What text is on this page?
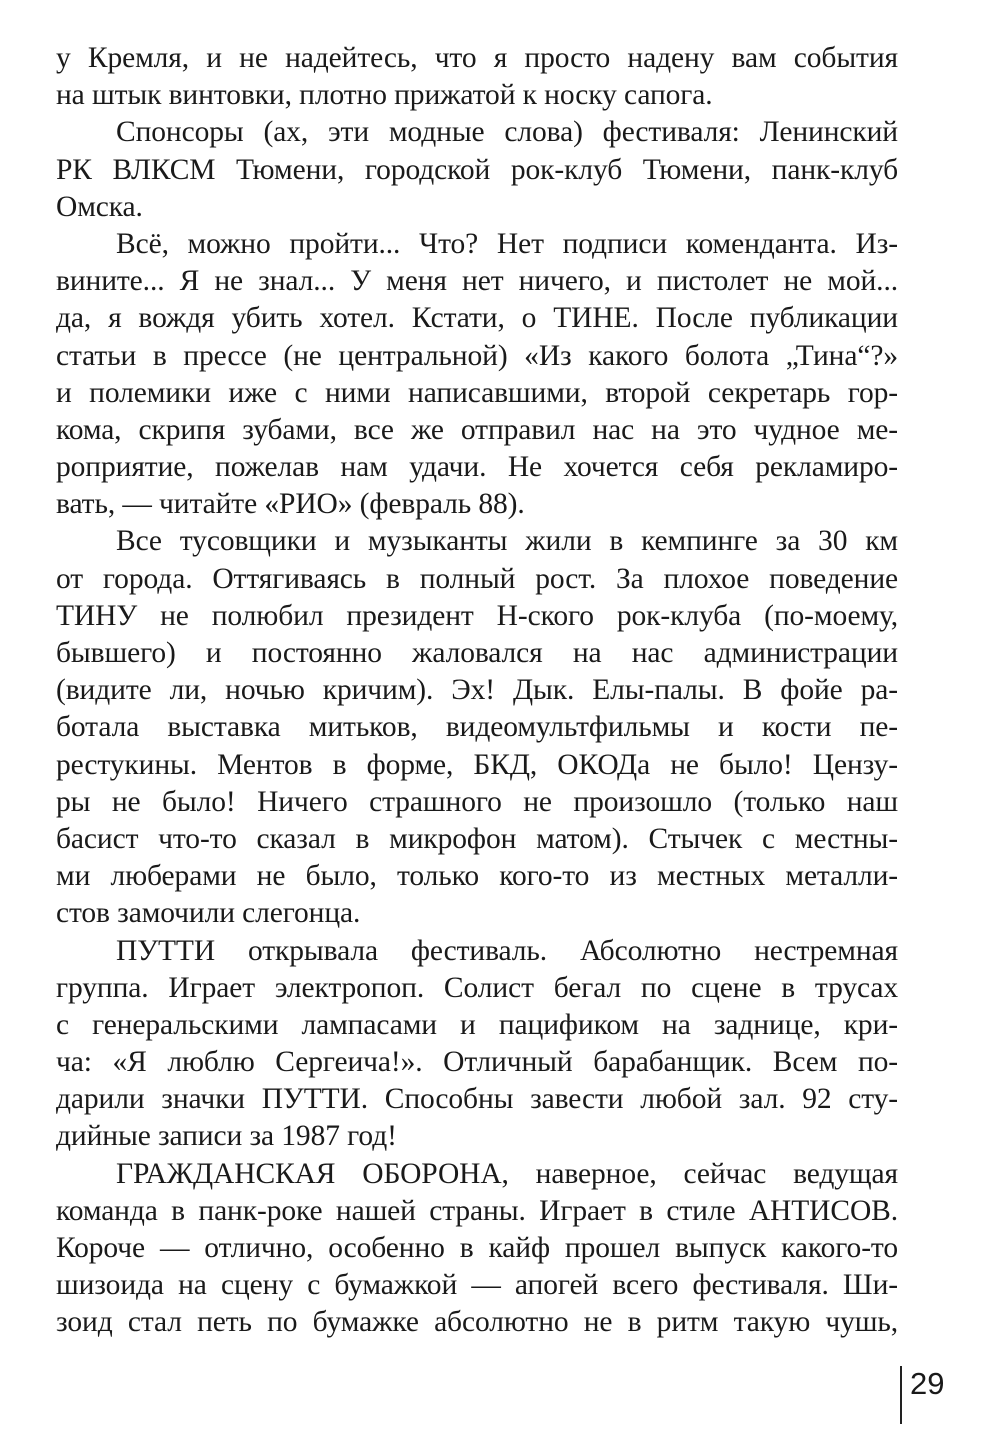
у Кремля, и не надейтесь, что я просто надену вам события
на штык винтовки, плотно прижатой к носку сапога.
Спонсоры (ах, эти модные слова) фестиваля: Ленинский
РК ВЛКСМ Тюмени, городской рок-клуб Тюмени, панк-клуб
Омска.
Всё, можно пройти... Что? Нет подписи коменданта. Из-
вините... Я не знал... У меня нет ничего, и пистолет не мой...
да, я вождя убить хотел. Кстати, о ТИНЕ. После публикации
статьи в прессе (не центральной) «Из какого болота „Тина“?»
и полемики иже с ними написавшими, второй секретарь гор-
кома, скрипя зубами, все же отправил нас на это чудное ме-
роприятие, пожелав нам удачи. Не хочется себя рекламиро-
вать, — читайте «РИО» (февраль 88).
Все тусовщики и музыканты жили в кемпинге за 30 км
от города. Оттягиваясь в полный рост. За плохое поведение
ТИНУ не полюбил президент Н-ского рок-клуба (по-моему,
бывшего) и постоянно жаловался на нас администрации
(видите ли, ночью кричим). Эх! Дык. Елы-палы. В фойе ра-
ботала выставка митьков, видеомультфильмы и кости пе-
рестукины. Ментов в форме, БКД, ОКОДа не было! Цензу-
ры не было! Ничего страшного не произошло (только наш
басист что-то сказал в микрофон матом). Стычек с местны-
ми люберами не было, только кого-то из местных металли-
стов замочили слегонца.
ПУТТИ открывала фестиваль. Абсолютно нестремная
группа. Играет электропоп. Солист бегал по сцене в трусах
с генеральскими лампасами и пацификом на заднице, кри-
ча: «Я люблю Сергеича!». Отличный барабанщик. Всем по-
дарили значки ПУТТИ. Способны завести любой зал. 92 сту-
дийные записи за 1987 год!
ГРАЖДАНСКАЯ ОБОРОНА, наверное, сейчас ведущая
команда в панк-роке нашей страны. Играет в стиле АНТИСОВ.
Короче — отлично, особенно в кайф прошел выпуск какого-то
шизоида на сцену с бумажкой — апогей всего фестиваля. Ши-
зоид стал петь по бумажке абсолютно не в ритм такую чушь,
29
